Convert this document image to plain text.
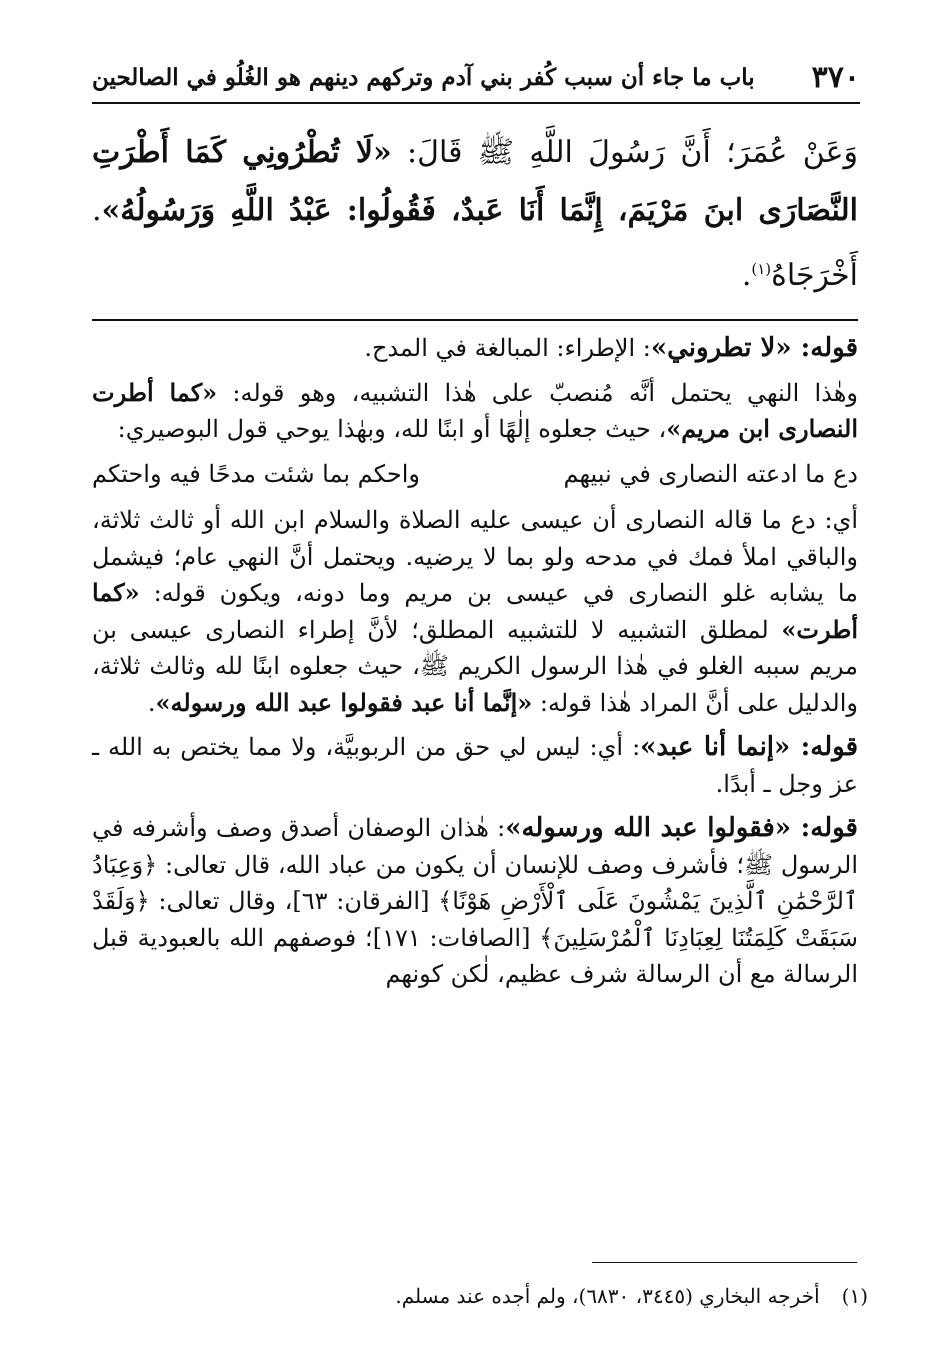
٣٧٠
باب ما جاء أن سبب كُفر بني آدم وتركهم دينهم هو الغُلُو في الصالحين
وَعَنْ عُمَرَ؛ أَنَّ رَسُولَ اللَّهِ ﷺ قَالَ: «لَا تُطْرُونِي كَمَا أَطْرَتِ النَّصَارَى ابنَ مَرْيَمَ، إِنَّمَا أَنَا عَبدٌ، فَقُولُوا: عَبْدُ اللَّهِ وَرَسُولُهُ». أَخْرَجَاهُ$^{(١)}$.

قوله: «لا تطروني»: الإطراء: المبالغة في المدح.

وهٰذا النهي يحتمل أنَّه مُنصبّ على هٰذا التشبيه، وهو قوله: «كما أطرت النصارى ابن مريم»، حيث جعلوه إلٰهًا أو ابنًا لله، وبهٰذا يوحي قول البوصيري:

دع ما ادعته النصارى في نبيهم
واحكم بما شئت مدحًا فيه واحتكم

أي: دع ما قاله النصارى أن عيسى عليه الصلاة والسلام ابن الله أو ثالث ثلاثة، والباقي املأ فمك في مدحه ولو بما لا يرضيه. ويحتمل أنَّ النهي عام؛ فيشمل ما يشابه غلو النصارى في عيسى بن مريم وما دونه، ويكون قوله: «كما أطرت» لمطلق التشبيه لا للتشبيه المطلق؛ لأنَّ إطراء النصارى عيسى بن مريم سببه الغلو في هٰذا الرسول الكريم ﷺ، حيث جعلوه ابنًا لله وثالث ثلاثة، والدليل على أنَّ المراد هٰذا قوله: «إنَّما أنا عبد فقولوا عبد الله ورسوله».

قوله: «إنما أنا عبد»: أي: ليس لي حق من الربوبيَّة، ولا مما يختص به الله ـ عز وجل ـ أبدًا.

قوله: «فقولوا عبد الله ورسوله»: هٰذان الوصفان أصدق وصف وأشرفه في الرسول ﷺ؛ فأشرف وصف للإنسان أن يكون من عباد الله، قال تعالى: ﴿وَعِبَادُ ٱلرَّحْمَٰنِ ٱلَّذِينَ يَمْشُونَ عَلَى ٱلْأَرْضِ هَوْنًا﴾ [الفرقان: ٦٣]، وقال تعالى: ﴿وَلَقَدْ سَبَقَتْ كَلِمَتُنَا لِعِبَادِنَا ٱلْمُرْسَلِينَ﴾ [الصافات: ١٧١]؛ فوصفهم الله بالعبودية قبل الرسالة مع أن الرسالة شرف عظيم، لٰكن كونهم

(١)
أخرجه البخاري (٣٤٤٥، ٦٨٣٠)، ولم أجده عند مسلم.
